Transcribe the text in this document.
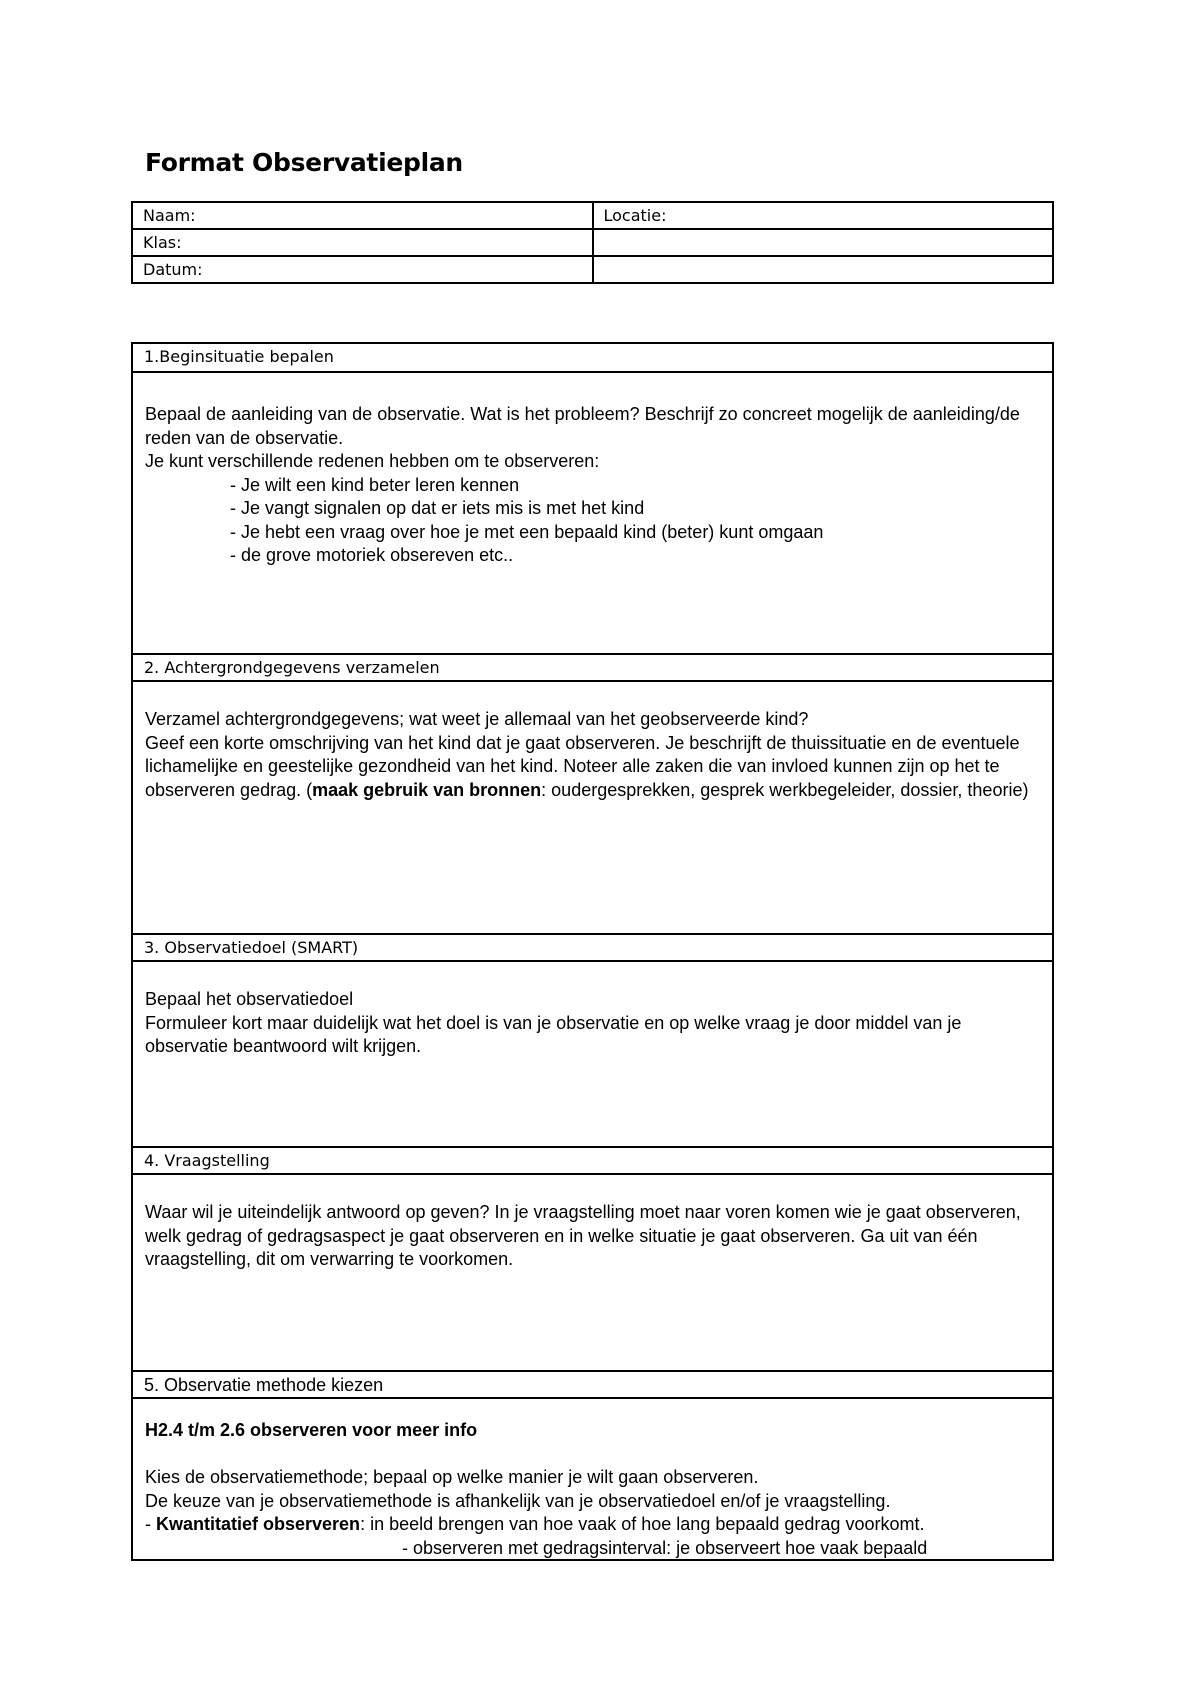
Format Observatieplan
Naam:	Locatie:
Klas:	
Datum:	
1.Beginsituatie bepalen

Bepaal de aanleiding van de observatie. Wat is het probleem? Beschrijf zo concreet mogelijk de aanleiding/de reden van de observatie.

Je kunt verschillende redenen hebben om te observeren:

- Je wilt een kind beter leren kennen

- Je vangt signalen op dat er iets mis is met het kind

- Je hebt een vraag over hoe je met een bepaald kind (beter) kunt omgaan

- de grove motoriek obsereven etc..

2. Achtergrondgegevens verzamelen

Verzamel achtergrondgegevens; wat weet je allemaal van het geobserveerde kind?

Geef een korte omschrijving van het kind dat je gaat observeren. Je beschrijft de thuissituatie en de eventuele lichamelijke en geestelijke gezondheid van het kind. Noteer alle zaken die van invloed kunnen zijn op het te observeren gedrag. (maak gebruik van bronnen: oudergesprekken, gesprek werkbegeleider, dossier, theorie)

3. Observatiedoel (SMART)

Bepaal het observatiedoel

Formuleer kort maar duidelijk wat het doel is van je observatie en op welke vraag je door middel van je observatie beantwoord wilt krijgen.

4. Vraagstelling

Waar wil je uiteindelijk antwoord op geven? In je vraagstelling moet naar voren komen wie je gaat observeren, welk gedrag of gedragsaspect je gaat observeren en in welke situatie je gaat observeren. Ga uit van één vraagstelling, dit om verwarring te voorkomen.

5. Observatie methode kiezen

H2.4 t/m 2.6 observeren voor meer info

Kies de observatiemethode; bepaal op welke manier je wilt gaan observeren.

De keuze van je observatiemethode is afhankelijk van je observatiedoel en/of je vraagstelling.

- Kwantitatief observeren: in beeld brengen van hoe vaak of hoe lang bepaald gedrag voorkomt.

- observeren met gedragsinterval: je observeert hoe vaak bepaald
